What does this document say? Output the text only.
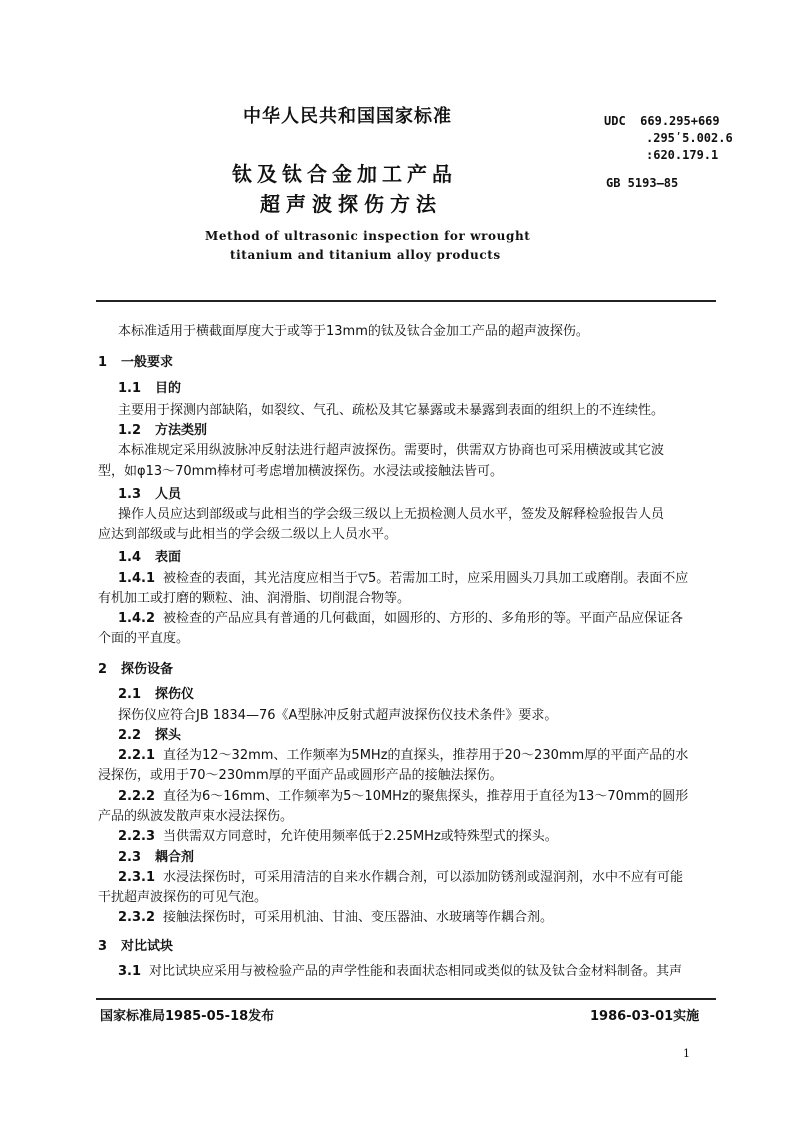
中华人民共和国国家标准	UDC 669.295+669
.295ʹ5.002.6
:620.179.1
GB 5193—85
钛及钛合金加工产品
超声波探伤方法
Method of ultrasonic inspection for wrought
titanium and titanium alloy products
本标准适用于横截面厚度大于或等于13mm的钛及钛合金加工产品的超声波探伤。
1 一般要求
1.1 目的
主要用于探测内部缺陷，如裂纹、气孔、疏松及其它暴露或未暴露到表面的组织上的不连续性。
1.2 方法类别
本标准规定采用纵波脉冲反射法进行超声波探伤。需要时，供需双方协商也可采用横波或其它波
型，如φ13～70mm棒材可考虑增加横波探伤。水浸法或接触法皆可。
1.3 人员
操作人员应达到部级或与此相当的学会级三级以上无损检测人员水平，签发及解释检验报告人员
应达到部级或与此相当的学会级二级以上人员水平。
1.4 表面
1.4.1 被检查的表面，其光洁度应相当于▽5。若需加工时，应采用圆头刀具加工或磨削。表面不应
有机加工或打磨的颗粒、油、润滑脂、切削混合物等。
1.4.2 被检查的产品应具有普通的几何截面，如圆形的、方形的、多角形的等。平面产品应保证各
个面的平直度。
2 探伤设备
2.1 探伤仪
探伤仪应符合JB 1834—76《A型脉冲反射式超声波探伤仪技术条件》要求。
2.2 探头
2.2.1 直径为12～32mm、工作频率为5MHz的直探头，推荐用于20～230mm厚的平面产品的水
浸探伤，或用于70～230mm厚的平面产品或圆形产品的接触法探伤。
2.2.2 直径为6～16mm、工作频率为5～10MHz的聚焦探头，推荐用于直径为13～70mm的圆形
产品的纵波发散声束水浸法探伤。
2.2.3 当供需双方同意时，允许使用频率低于2.25MHz或特殊型式的探头。
2.3 耦合剂
2.3.1 水浸法探伤时，可采用清洁的自来水作耦合剂，可以添加防锈剂或湿润剂，水中不应有可能
干扰超声波探伤的可见气泡。
2.3.2 接触法探伤时，可采用机油、甘油、变压器油、水玻璃等作耦合剂。
3 对比试块
3.1 对比试块应采用与被检验产品的声学性能和表面状态相同或类似的钛及钛合金材料制备。其声
国家标准局1985-05-18发布	1986-03-01实施
1
